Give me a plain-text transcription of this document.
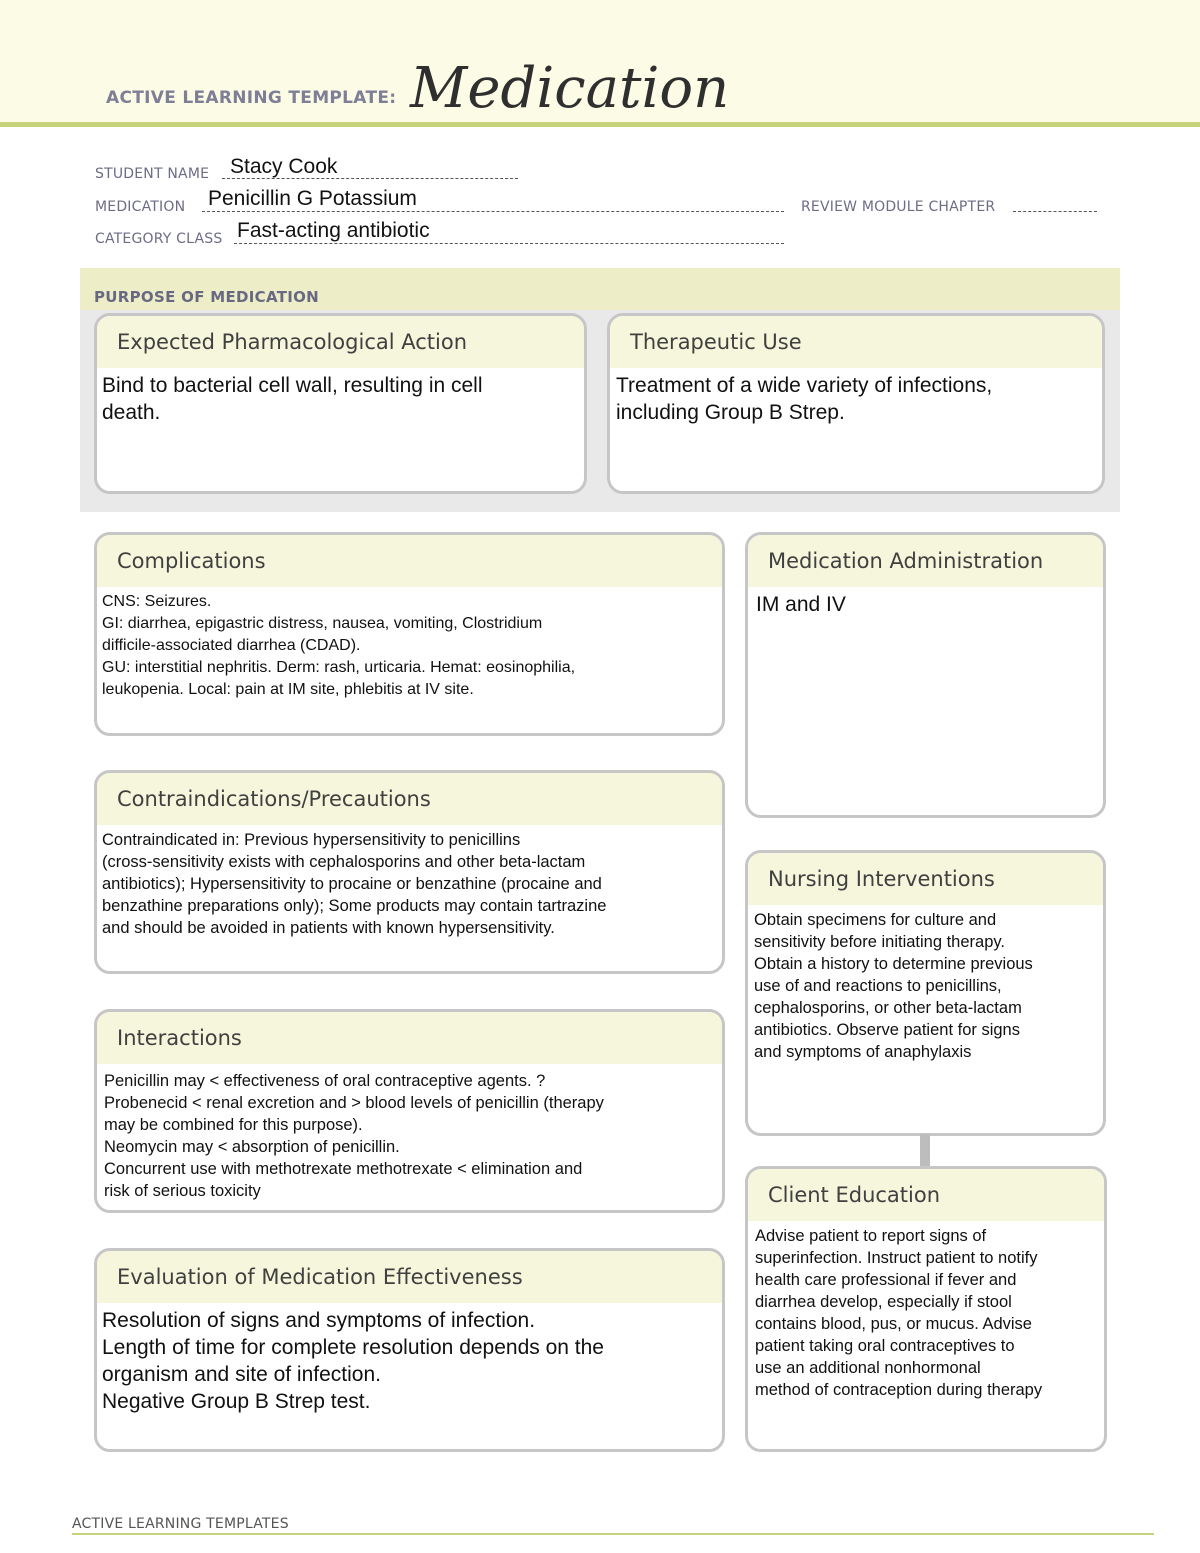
ACTIVE LEARNING TEMPLATE: Medication
STUDENT NAME Stacy Cook
MEDICATION Penicillin G Potassium	REVIEW MODULE CHAPTER
CATEGORY CLASS Fast-acting antibiotic
PURPOSE OF MEDICATION
Expected Pharmacological Action
Bind to bacterial cell wall, resulting in cell
death.
Therapeutic Use
Treatment of a wide variety of infections,
including Group B Strep.
Complications
CNS: Seizures.
GI: diarrhea, epigastric distress, nausea, vomiting, Clostridium
difficile-associated diarrhea (CDAD).
GU: interstitial nephritis. Derm: rash, urticaria. Hemat: eosinophilia,
leukopenia. Local: pain at IM site, phlebitis at IV site.
Medication Administration
IM and IV
Contraindications/Precautions
Contraindicated in: Previous hypersensitivity to penicillins
(cross-sensitivity exists with cephalosporins and other beta-lactam
antibiotics); Hypersensitivity to procaine or benzathine (procaine and
benzathine preparations only); Some products may contain tartrazine
and should be avoided in patients with known hypersensitivity.
Nursing Interventions
Obtain specimens for culture and
sensitivity before initiating therapy.
Obtain a history to determine previous
use of and reactions to penicillins,
cephalosporins, or other beta-lactam
antibiotics. Observe patient for signs
and symptoms of anaphylaxis
Interactions
Penicillin may < effectiveness of oral contraceptive agents. ?
Probenecid < renal excretion and > blood levels of penicillin (therapy
may be combined for this purpose).
Neomycin may < absorption of penicillin.
Concurrent use with methotrexate methotrexate < elimination and
risk of serious toxicity	Client Education
Advise patient to report signs of
superinfection. Instruct patient to notify
health care professional if fever and
diarrhea develop, especially if stool
contains blood, pus, or mucus. Advise
patient taking oral contraceptives to
use an additional nonhormonal
method of contraception during therapy
Evaluation of Medication Effectiveness
Resolution of signs and symptoms of infection.
Length of time for complete resolution depends on the
organism and site of infection.
Negative Group B Strep test.
ACTIVE LEARNING TEMPLATES
